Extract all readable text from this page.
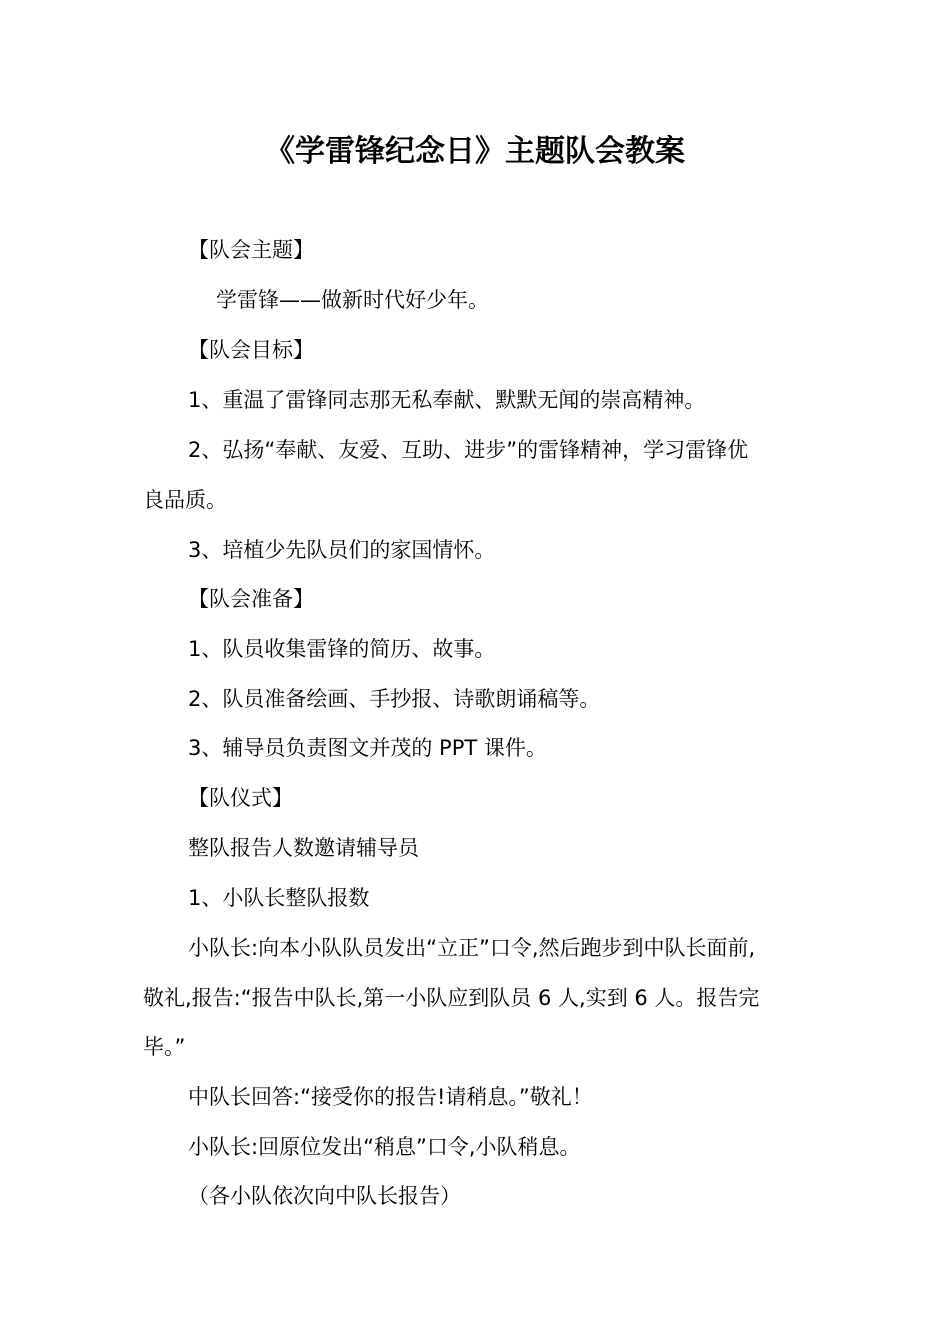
《学雷锋纪念日》主题队会教案
【队会主题】
学雷锋——做新时代好少年。
【队会目标】
1、重温了雷锋同志那无私奉献、默默无闻的崇高精神。
2、弘扬“奉献、友爱、互助、进步”的雷锋精神，学习雷锋优
良品质。
3、培植少先队员们的家国情怀。
【队会准备】
1、队员收集雷锋的简历、故事。
2、队员准备绘画、手抄报、诗歌朗诵稿等。
3、辅导员负责图文并茂的 PPT 课件。
【队仪式】
整队报告人数邀请辅导员
1、小队长整队报数
小队长:向本小队队员发出“立正”口令,然后跑步到中队长面前,
敬礼,报告:“报告中队长,第一小队应到队员 6 人,实到 6 人。报告完
毕。”
中队长回答:“接受你的报告!请稍息。”敬礼！
小队长:回原位发出“稍息”口令,小队稍息。
（各小队依次向中队长报告）
